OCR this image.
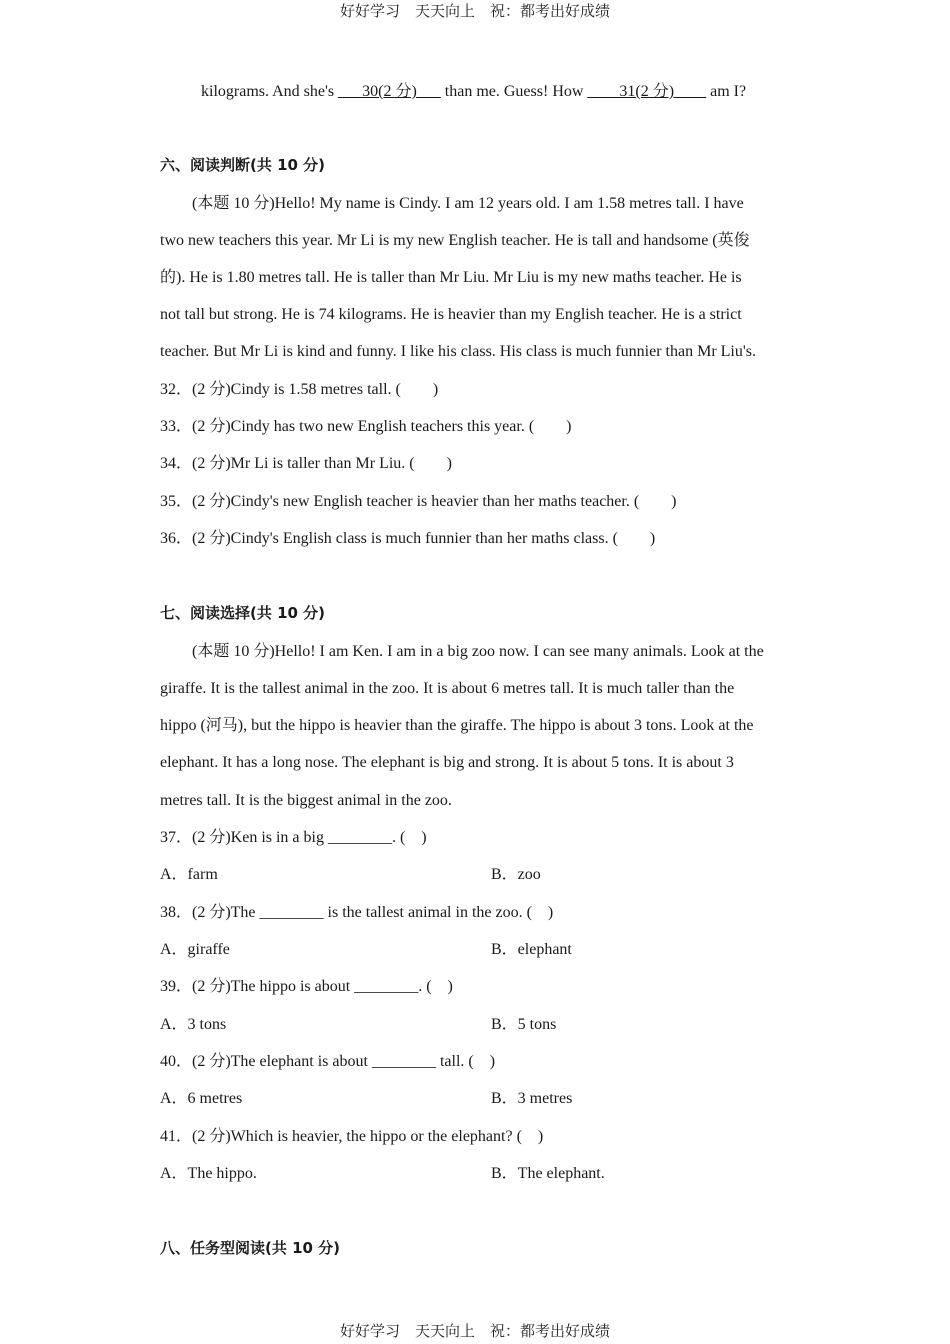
好好学习　天天向上　祝：都考出好成绩
kilograms. And she's ___30(2 分)___ than me. Guess! How ____31(2 分)____ am I?
六、阅读判断(共 10 分)
(本题 10 分)Hello! My name is Cindy. I am 12 years old. I am 1.58 metres tall. I have
two new teachers this year. Mr Li is my new English teacher. He is tall and handsome (英俊
的). He is 1.80 metres tall. He is taller than Mr Liu. Mr Liu is my new maths teacher. He is
not tall but strong. He is 74 kilograms. He is heavier than my English teacher. He is a strict
teacher. But Mr Li is kind and funny. I like his class. His class is much funnier than Mr Liu's.
32．(2 分)Cindy is 1.58 metres tall. (　　)
33．(2 分)Cindy has two new English teachers this year. (　　)
34．(2 分)Mr Li is taller than Mr Liu. (　　)
35．(2 分)Cindy's new English teacher is heavier than her maths teacher. (　　)
36．(2 分)Cindy's English class is much funnier than her maths class. (　　)
七、阅读选择(共 10 分)
(本题 10 分)Hello! I am Ken. I am in a big zoo now. I can see many animals. Look at the
giraffe. It is the tallest animal in the zoo. It is about 6 metres tall. It is much taller than the
hippo (河马), but the hippo is heavier than the giraffe. The hippo is about 3 tons. Look at the
elephant. It has a long nose. The elephant is big and strong. It is about 5 tons. It is about 3
metres tall. It is the biggest animal in the zoo.
37．(2 分)Ken is in a big ________. (　)
A．farm	B．zoo
38．(2 分)The ________ is the tallest animal in the zoo. (　)
A．giraffe	B．elephant
39．(2 分)The hippo is about ________. (　)
A．3 tons	B．5 tons
40．(2 分)The elephant is about ________ tall. (　)
A．6 metres	B．3 metres
41．(2 分)Which is heavier, the hippo or the elephant? (　)
A．The hippo.	B．The elephant.
八、任务型阅读(共 10 分)
好好学习　天天向上　祝：都考出好成绩
